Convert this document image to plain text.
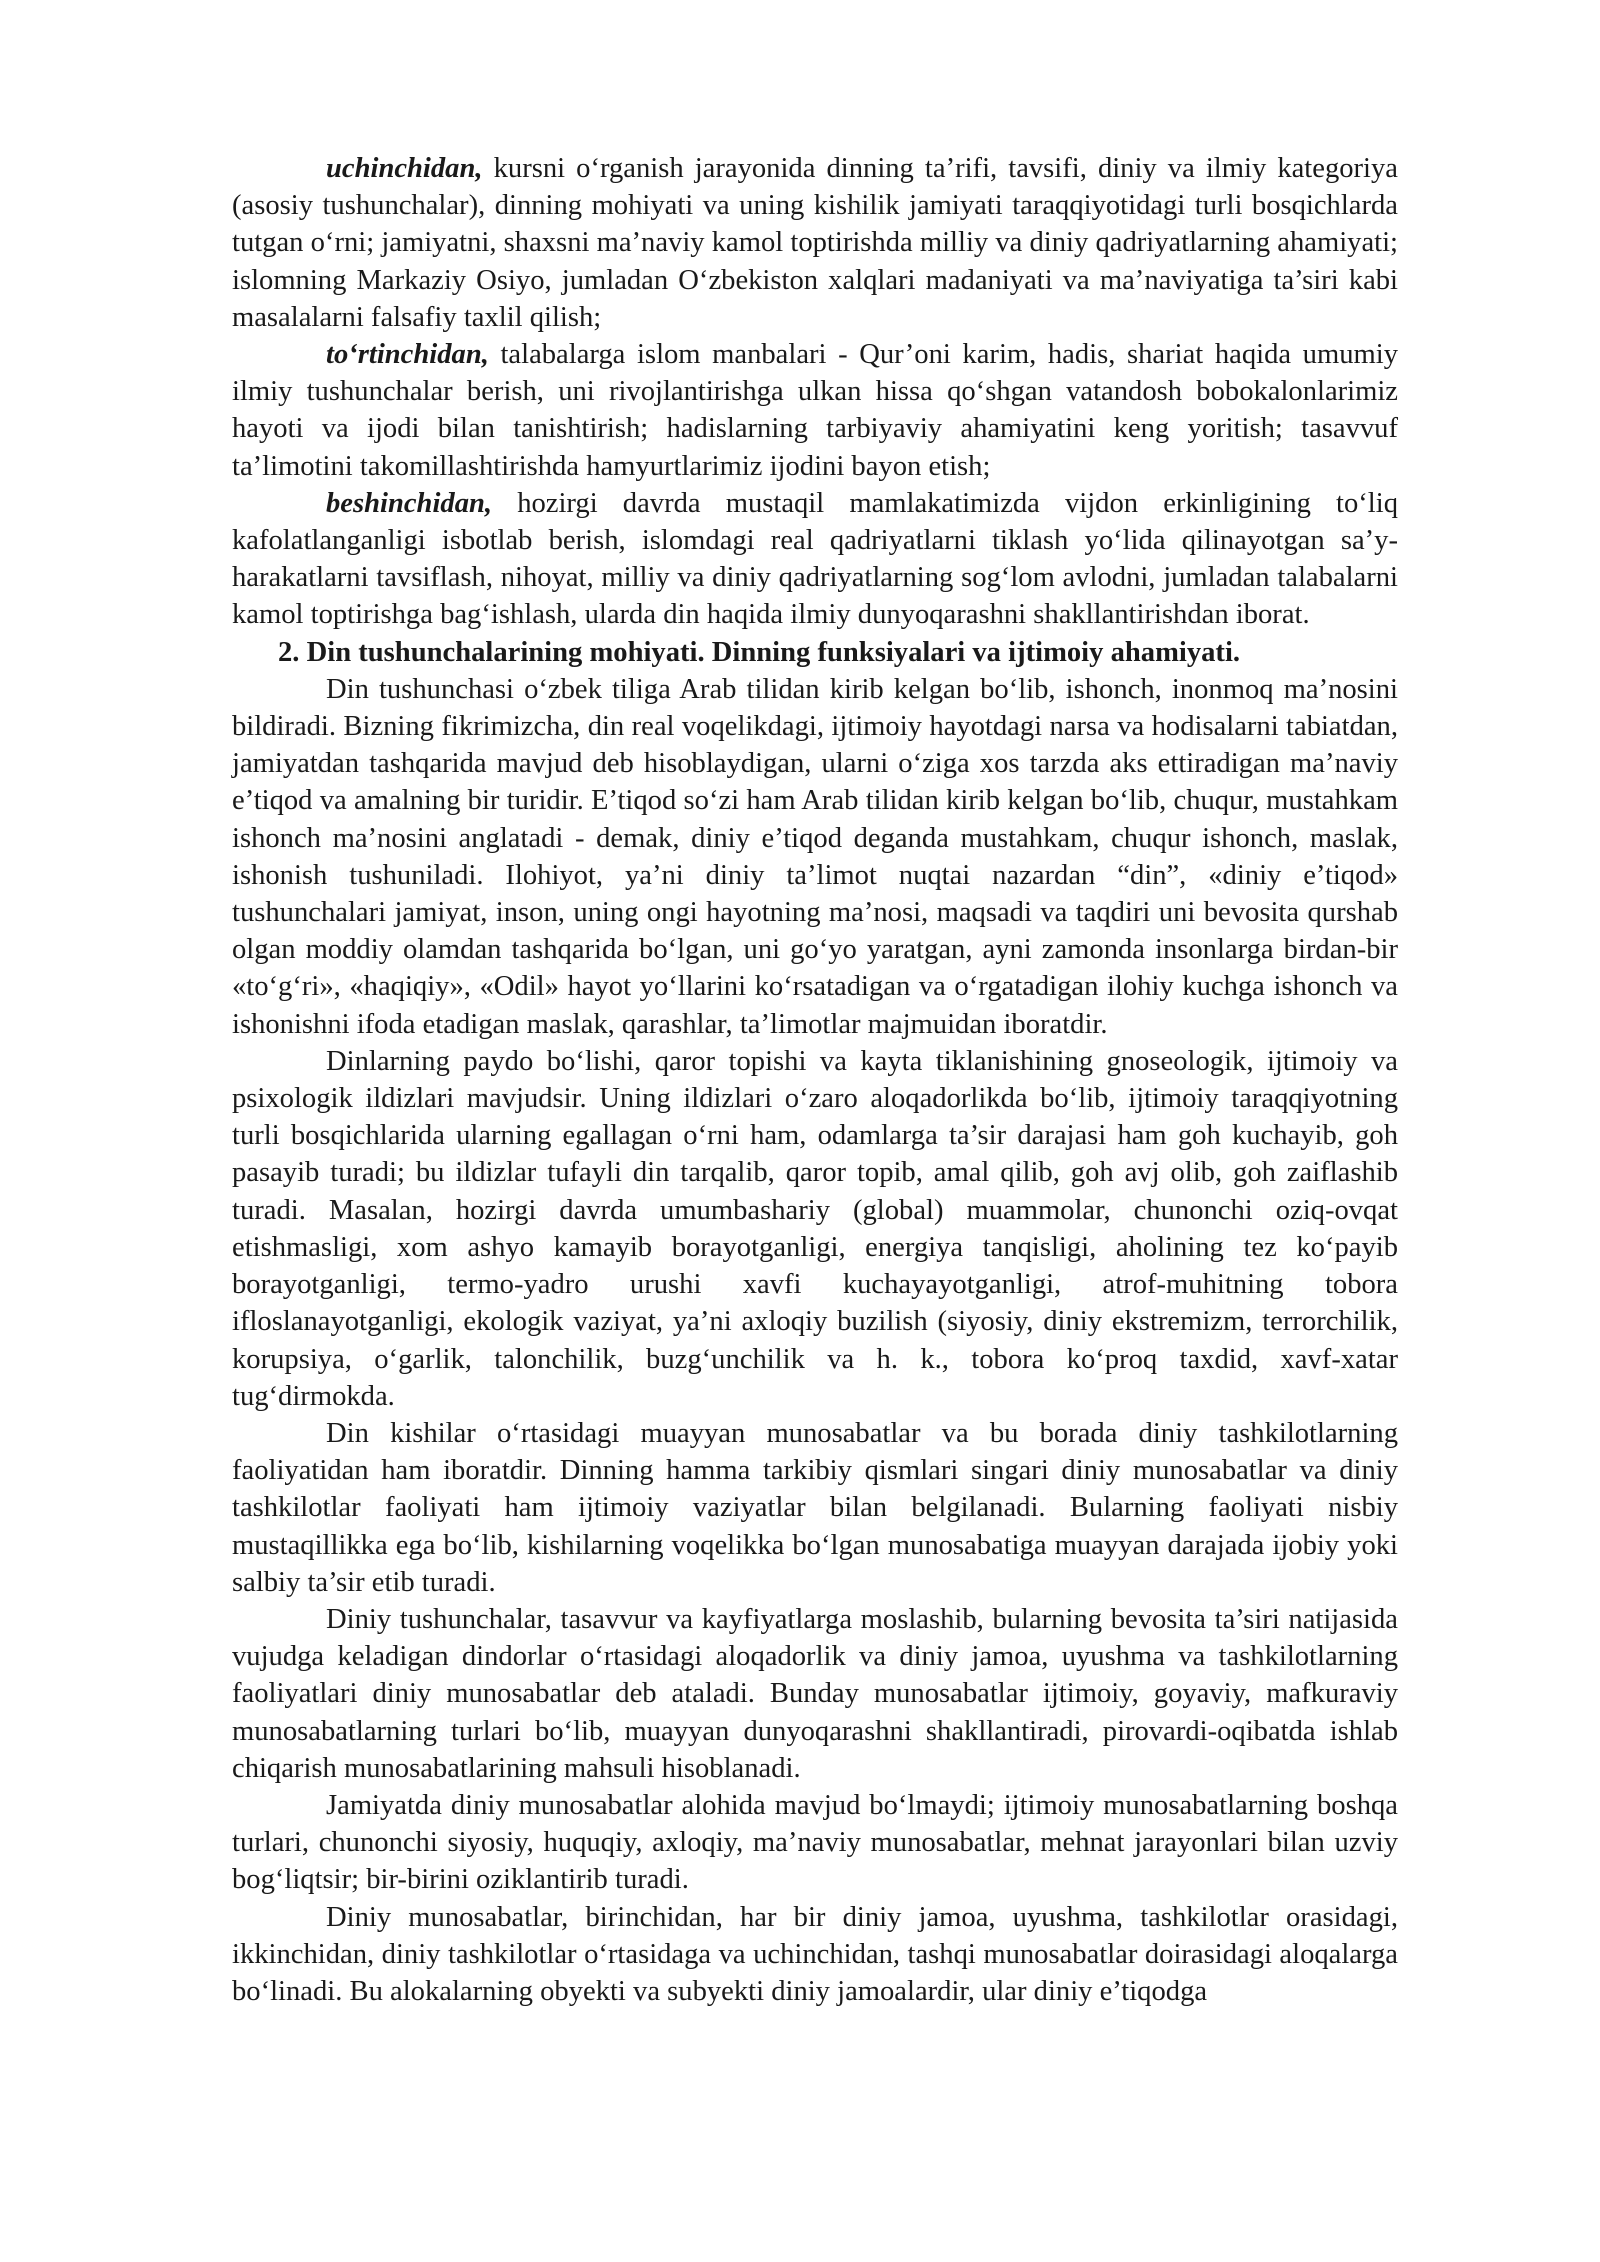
uchinchidan, kursni o‘rganish jarayonida dinning ta’rifi, tavsifi, diniy va ilmiy kategoriya (asosiy tushunchalar), dinning mohiyati va uning kishilik jamiyati taraqqiyotidagi turli bosqichlarda tutgan o‘rni; jamiyatni, shaxsni ma’naviy kamol toptirishda milliy va diniy qadriyatlarning ahamiyati; islomning Markaziy Osiyo, jumladan O‘zbekiston xalqlari madaniyati va ma’naviyatiga ta’siri kabi masalalarni falsafiy taxlil qilish;

to‘rtinchidan, talabalarga islom manbalari - Qur’oni karim, hadis, shariat haqida umumiy ilmiy tushunchalar berish, uni rivojlantirishga ulkan hissa qo‘shgan vatandosh bobokalonlarimiz hayoti va ijodi bilan tanishtirish; hadislarning tarbiyaviy ahamiyatini keng yoritish; tasavvuf ta’limotini takomillashtirishda hamyurtlarimiz ijodini bayon etish;

beshinchidan, hozirgi davrda mustaqil mamlakatimizda vijdon erkinligining to‘liq kafolatlanganligi isbotlab berish, islomdagi real qadriyatlarni tiklash yo‘lida qilinayotgan sa’y-harakatlarni tavsiflash, nihoyat, milliy va diniy qadriyatlarning sog‘lom avlodni, jumladan talabalarni kamol toptirishga bag‘ishlash, ularda din haqida ilmiy dunyoqarashni shakllantirishdan iborat.

2. Din tushunchalarining mohiyati. Dinning funksiyalari va ijtimoiy ahamiyati.

Din tushunchasi o‘zbek tiliga Arab tilidan kirib kelgan bo‘lib, ishonch, inonmoq ma’nosini bildiradi. Bizning fikrimizcha, din real voqelikdagi, ijtimoiy hayotdagi narsa va hodisalarni tabiatdan, jamiyatdan tashqarida mavjud deb hisoblaydigan, ularni o‘ziga xos tarzda aks ettiradigan ma’naviy e’tiqod va amalning bir turidir. E’tiqod so‘zi ham Arab tilidan kirib kelgan bo‘lib, chuqur, mustahkam ishonch ma’nosini anglatadi - demak, diniy e’tiqod deganda mustahkam, chuqur ishonch, maslak, ishonish tushuniladi. Ilohiyot, ya’ni diniy ta’limot nuqtai nazardan “din”, «diniy e’tiqod» tushunchalari jamiyat, inson, uning ongi hayotning ma’nosi, maqsadi va taqdiri uni bevosita qurshab olgan moddiy olamdan tashqarida bo‘lgan, uni go‘yo yaratgan, ayni zamonda insonlarga birdan-bir «to‘g‘ri», «haqiqiy», «Odil» hayot yo‘llarini ko‘rsatadigan va o‘rgatadigan ilohiy kuchga ishonch va ishonishni ifoda etadigan maslak, qarashlar, ta’limotlar majmuidan iboratdir.

Dinlarning paydo bo‘lishi, qaror topishi va kayta tiklanishining gnoseologik, ijtimoiy va psixologik ildizlari mavjudsir. Uning ildizlari o‘zaro aloqadorlikda bo‘lib, ijtimoiy taraqqiyotning turli bosqichlarida ularning egallagan o‘rni ham, odamlarga ta’sir darajasi ham goh kuchayib, goh pasayib turadi; bu ildizlar tufayli din tarqalib, qaror topib, amal qilib, goh avj olib, goh zaiflashib turadi. Masalan, hozirgi davrda umumbashariy (global) muammolar, chunonchi oziq-ovqat etishmasligi, xom ashyo kamayib borayotganligi, energiya tanqisligi, aholining tez ko‘payib borayotganligi, termo-yadro urushi xavfi kuchayayotganligi, atrof-muhitning tobora ifloslanayotganligi, ekologik vaziyat, ya’ni axloqiy buzilish (siyosiy, diniy ekstremizm, terrorchilik, korupsiya, o‘garlik, talonchilik, buzg‘unchilik va h. k., tobora ko‘proq taxdid, xavf-xatar tug‘dirmokda.

Din kishilar o‘rtasidagi muayyan munosabatlar va bu borada diniy tashkilotlarning faoliyatidan ham iboratdir. Dinning hamma tarkibiy qismlari singari diniy munosabatlar va diniy tashkilotlar faoliyati ham ijtimoiy vaziyatlar bilan belgilanadi. Bularning faoliyati nisbiy mustaqillikka ega bo‘lib, kishilarning voqelikka bo‘lgan munosabatiga muayyan darajada ijobiy yoki salbiy ta’sir etib turadi.

Diniy tushunchalar, tasavvur va kayfiyatlarga moslashib, bularning bevosita ta’siri natijasida vujudga keladigan dindorlar o‘rtasidagi aloqadorlik va diniy jamoa, uyushma va tashkilotlarning faoliyatlari diniy munosabatlar deb ataladi. Bunday munosabatlar ijtimoiy, goyaviy, mafkuraviy munosabatlarning turlari bo‘lib, muayyan dunyoqarashni shakllantiradi, pirovardi-oqibatda ishlab chiqarish munosabatlarining mahsuli hisoblanadi.

Jamiyatda diniy munosabatlar alohida mavjud bo‘lmaydi; ijtimoiy munosabatlarning boshqa turlari, chunonchi siyosiy, huquqiy, axloqiy, ma’naviy munosabatlar, mehnat jarayonlari bilan uzviy bog‘liqtsir; bir-birini oziklantirib turadi.

Diniy munosabatlar, birinchidan, har bir diniy jamoa, uyushma, tashkilotlar orasidagi, ikkinchidan, diniy tashkilotlar o‘rtasidaga va uchinchidan, tashqi munosabatlar doirasidagi aloqalarga bo‘linadi. Bu alokalarning obyekti va subyekti diniy jamoalardir, ular diniy e’tiqodga
